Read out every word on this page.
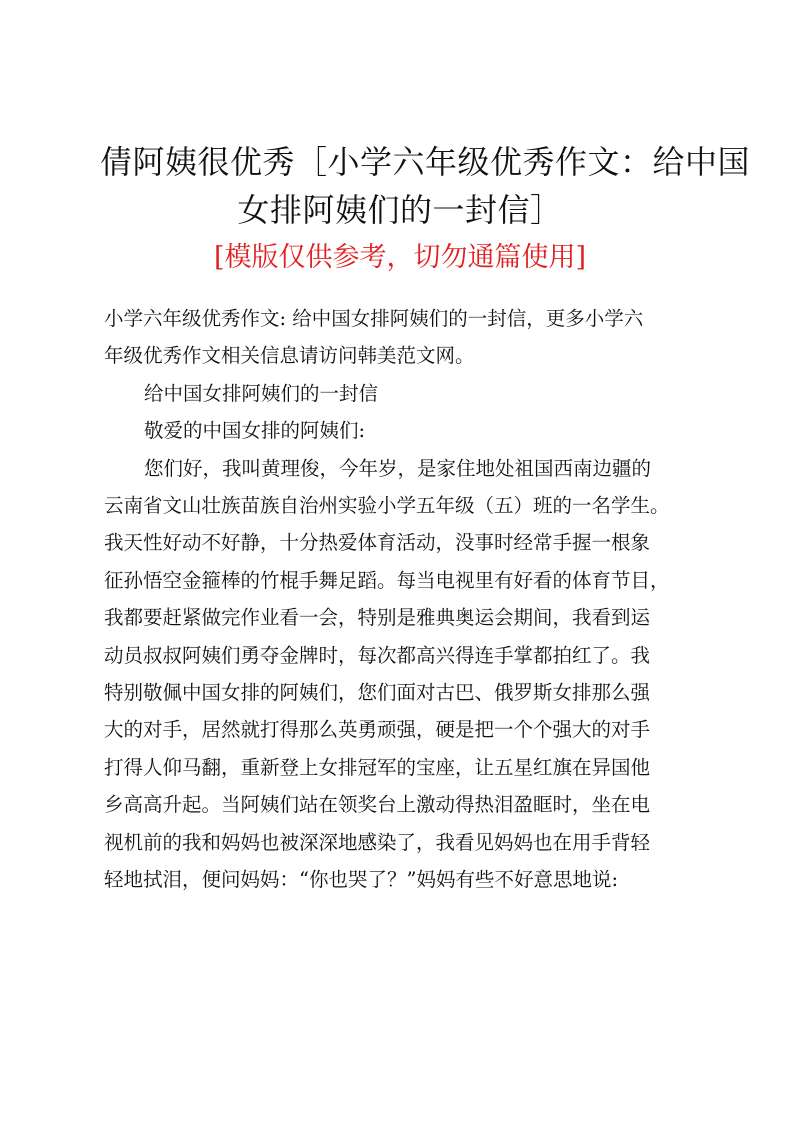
倩阿姨很优秀［小学六年级优秀作文：给中国
女排阿姨们的一封信］

[模版仅供参考，切勿通篇使用]

小学六年级优秀作文: 给中国女排阿姨们的一封信，更多小学六
年级优秀作文相关信息请访问韩美范文网。

给中国女排阿姨们的一封信

敬爱的中国女排的阿姨们:

您们好，我叫黄理俊，今年岁，是家住地处祖国西南边疆的
云南省文山壮族苗族自治州实验小学五年级（五）班的一名学生。
我天性好动不好静，十分热爱体育活动，没事时经常手握一根象
征孙悟空金箍棒的竹棍手舞足蹈。每当电视里有好看的体育节目，
我都要赶紧做完作业看一会，特别是雅典奥运会期间，我看到运
动员叔叔阿姨们勇夺金牌时，每次都高兴得连手掌都拍红了。我
特别敬佩中国女排的阿姨们，您们面对古巴、俄罗斯女排那么强
大的对手，居然就打得那么英勇顽强，硬是把一个个强大的对手
打得人仰马翻，重新登上女排冠军的宝座，让五星红旗在异国他
乡高高升起。当阿姨们站在领奖台上激动得热泪盈眶时，坐在电
视机前的我和妈妈也被深深地感染了，我看见妈妈也在用手背轻
轻地拭泪，便问妈妈：“你也哭了？”妈妈有些不好意思地说:
